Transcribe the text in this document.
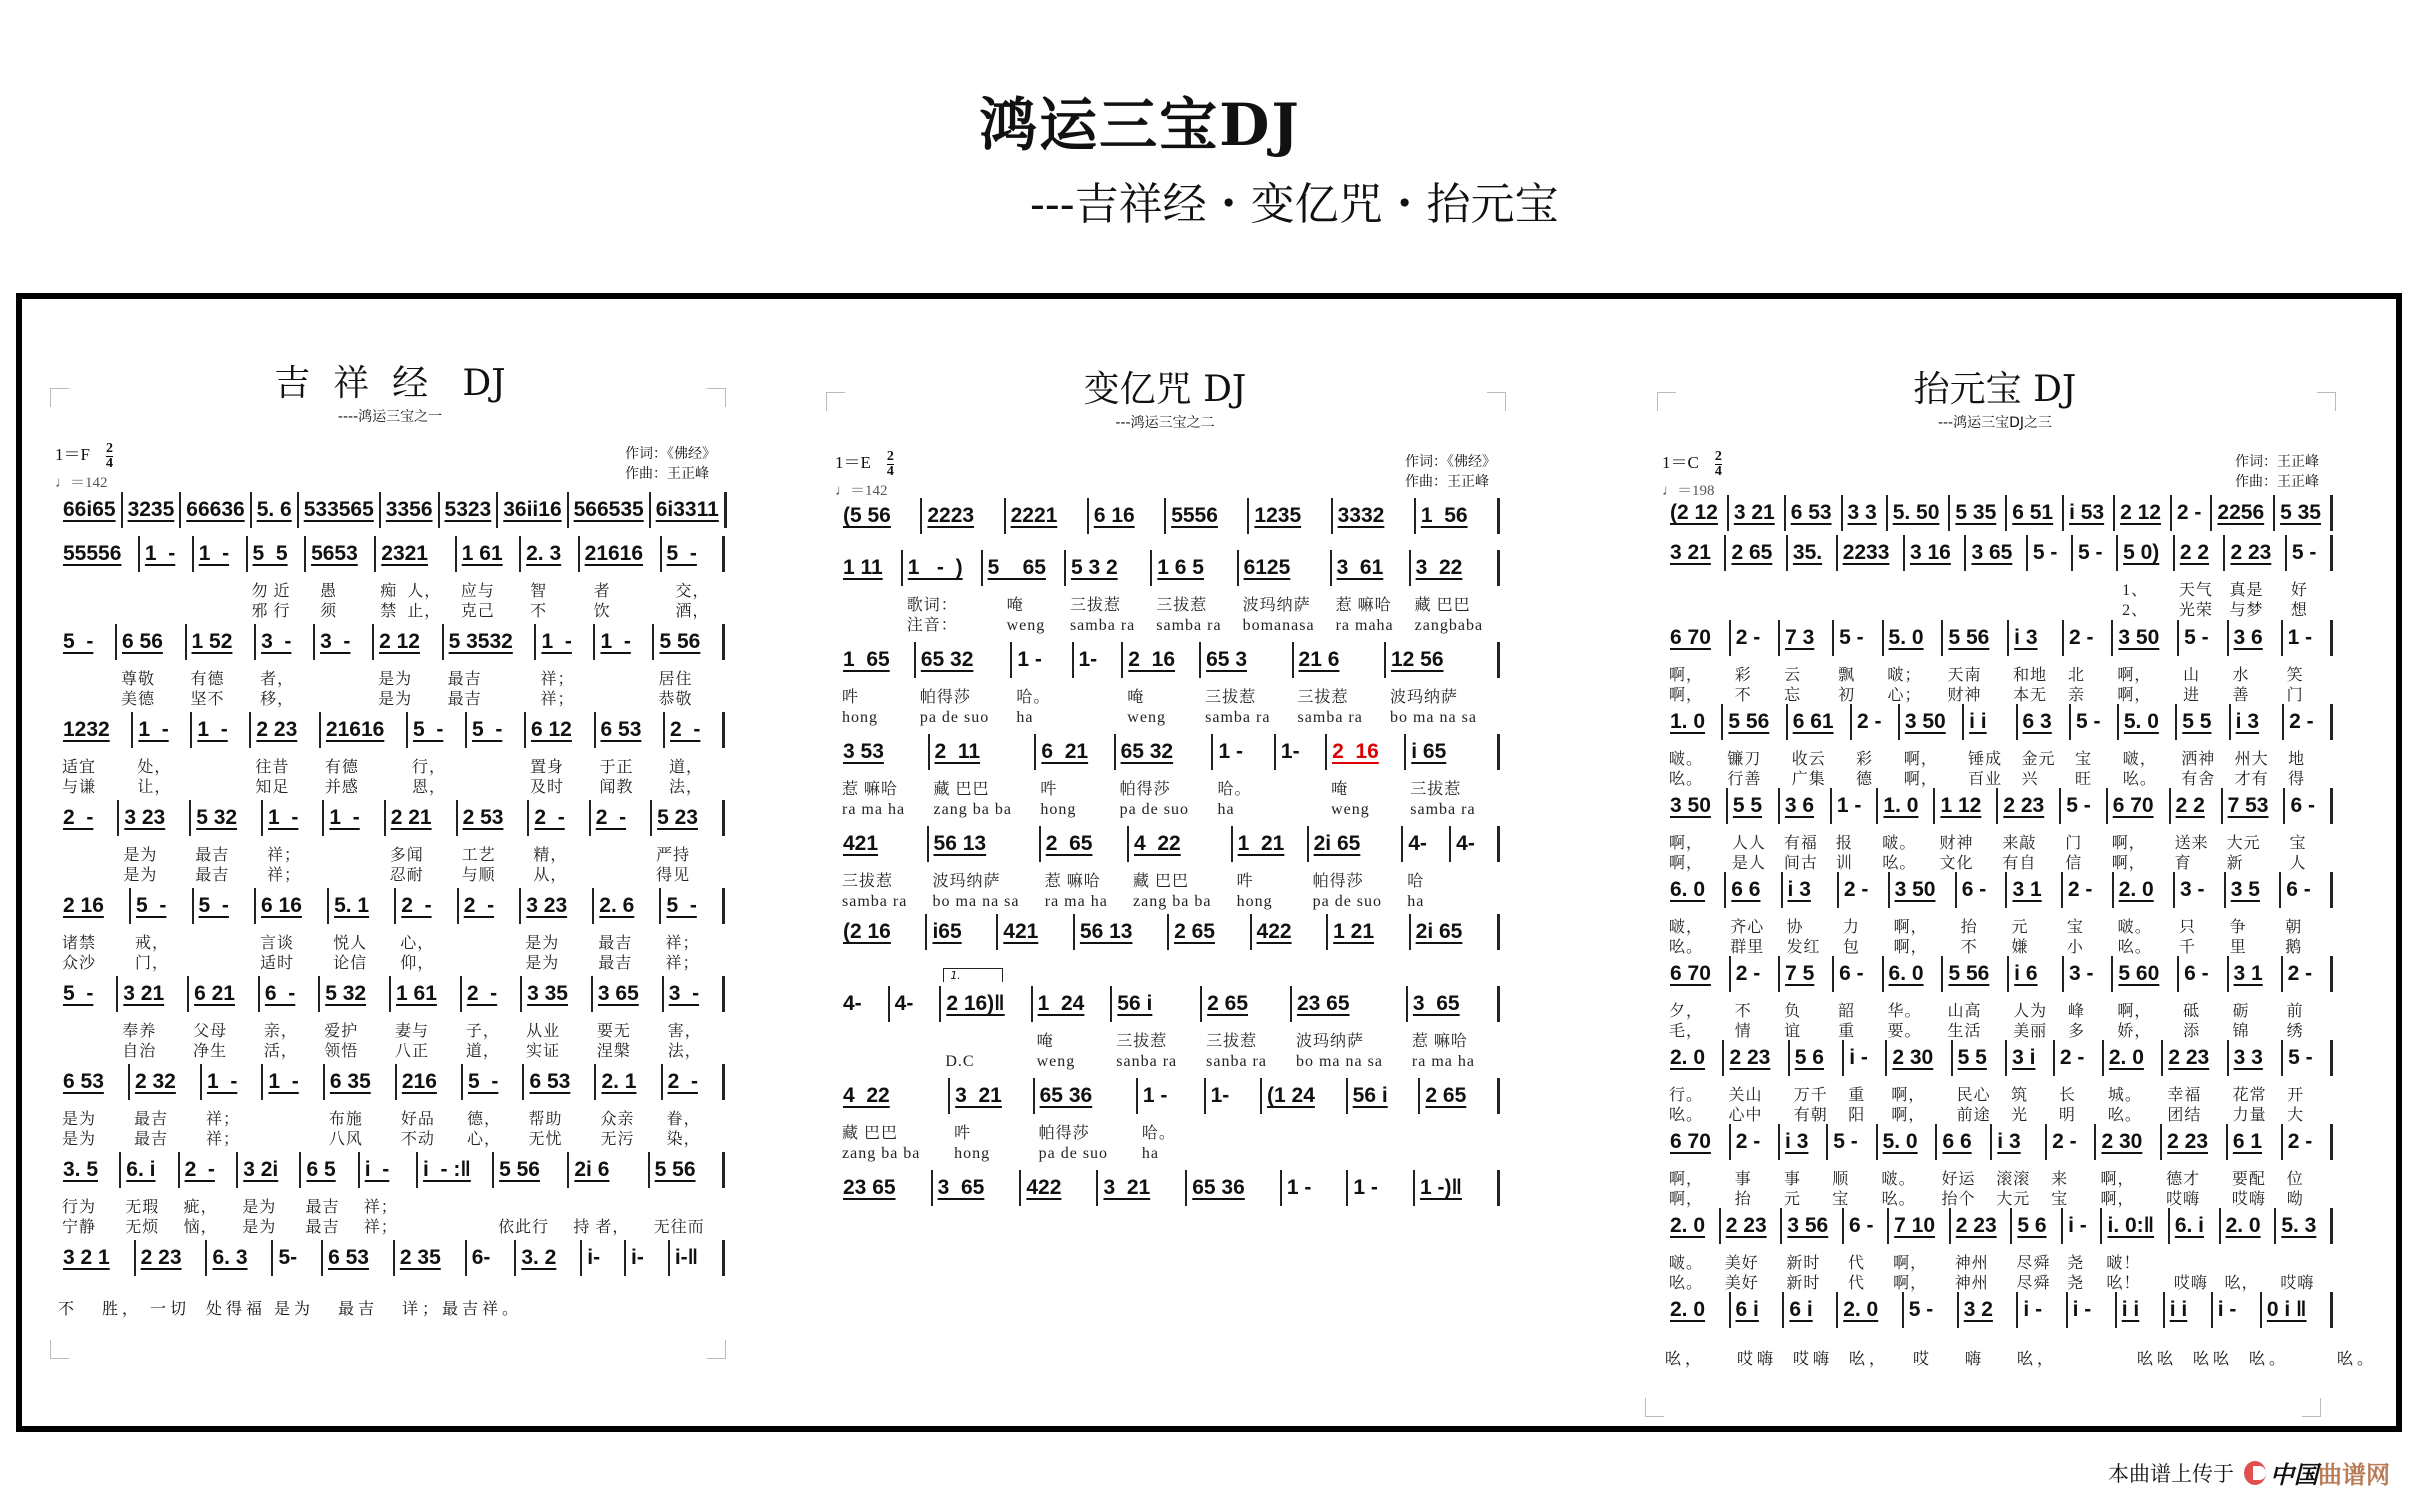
鸿运三宝DJ
---吉祥经・变亿咒・抬元宝
吉  祥  经   DJ
----鸿运三宝之一
$1=F \frac{2}{4}$
♩＝142
作词：《佛经》
作曲：王正峰
66i65 3235 66636 5. 6 533565 3356 5323 36ii16 566535 6i3311
55556 1  - 1  - 5  5
勿 近
邪 行
5653
愚
须
2321
痴  人，
禁  止，
1 61
应与
克己
2. 3
智
不
21616
者
饮
5  -
交，
酒，
5  - 6 56
尊敬
美德
1 52
有德
坚不
3  -
者，
移，
3  - 2 12
是为
是为
5 3532
最吉
最吉
1  -
祥；
祥；
1  - 5 56
居住
恭敬
1232
适宜
与谦
1  -
处，
让，
1  - 2 23
往昔
知足
21616
有德
并感
5  -
行，
恩，
5  - 6 12
置身
及时
6 53
于正
闻教
2  -
道，
法，
2  - 3 23
是为
是为
5 32
最吉
最吉
1  -
祥；
祥；
1  - 2 21
多闻
忍耐
2 53
工艺
与顺
2  -
精，
从，
2  - 5 23
严持
得见
2 16
诸禁
众沙
5  -
戒，
门，
5  - 6 16
言谈
适时
5. 1
悦人
论信
2  -
心，
仰，
2  - 3 23
是为
是为
2. 6
最吉
最吉
5  -
祥；
祥；
5  - 3 21
奉养
自治
6 21
父母
净生
6  -
亲，
活，
5 32
爱护
领悟
1 61
妻与
八正
2  -
子，
道，
3 35
从业
实证
3 65
要无
涅槃
3  -
害，
法，
6 53
是为
是为
2 32
最吉
最吉
1  -
祥；
祥；
1  - 6 35
布施
八风
216
好品
不动
5  -
德，
心，
6 53
帮助
无忧
2. 1
众亲
无污
2  -
眷，
染，
3. 5
行为
宁静
6. i
无瑕
无烦
2  -
疵，
恼，
3 2i
是为
是为
6 5
最吉
最吉
i  -
祥；
祥；
i  - :‖ 5 56
依此行
2i 6
持 者，
5 56
无往而
3 2 1 2 23 6. 3 5- 6 53 2 35 6- 3. 2 i- i- i-‖
不   胜， 一切  处得福 是为   最吉   详；最吉祥。
变亿咒 DJ
---鸿运三宝之二
$1=E \frac{2}{4}$
♩＝142
作词：《佛经》
作曲：王正峰
(5 56 2223 2221 6 16 5556 1235 3332 1  56
1 11 1   -  )
歌词：
注音：
5    65
唵
weng
5 3 2
三拔惹
samba ra
1 6 5
三拔惹
samba ra
6125
波玛纳萨
bomanasa
3  61
惹 嘛哈
ra maha
3  22
藏 巴巴
zangbaba
1  65
吽
hong
65 32
帕得莎
pa de suo
1 -
哈。
ha
1- 2  16
唵
weng
65 3
三拔惹
samba ra
21 6
三拔惹
samba ra
12 56
波玛纳萨
bo ma na sa
3 53
惹 嘛哈
ra ma ha
2  11
藏 巴巴
zang ba ba
6  21
吽
hong
65 32
帕得莎
pa de suo
1 -
哈。
ha
1- 2  16
唵
weng
i 65
三拔惹
samba ra
421
三拔惹
samba ra
56 13
波玛纳萨
bo ma na sa
2  65
惹 嘛哈
ra ma ha
4  22
藏 巴巴
zang ba ba
1  21
吽
hong
2i 65
帕得莎
pa de suo
4-
哈
ha
4-
(2 16 i65 421 56 13 2 65 422 1 21 2i 65
4- 4- 2 16)‖
D.C
1.
1  24
唵
weng
56 i
三拔惹
sanba ra
2 65
三拔惹
sanba ra
23 65
波玛纳萨
bo ma na sa
3  65
惹 嘛哈
ra ma ha
4  22
藏 巴巴
zang ba ba
3  21
吽
hong
65 36
帕得莎
pa de suo
1 -
哈。
ha
1- (1 24 56 i 2 65
23 65 3  65 422 3  21 65 36 1 - 1 - 1 -)‖
抬元宝 DJ
---鸿运三宝DJ之三
$1=C \frac{2}{4}$
♩＝198
作词：王正峰
作曲：王正峰
(2 12 3 21 6 53 3 3 5. 50 5 35 6 51 i 53 2 12 2 - 2256 5 35
3 21 2 65 35. 2233 3 16 3 65 5 - 5 - 5 0)
1、
2、
2 2
天气
光荣
2 23
真是
与梦
5 -
好
想
6 70
啊，
啊，
2 -
彩
不
7 3
云
忘
5 -
飘
初
5. 0
啵；
心；
5 56
天南
财神
i 3
和地
本无
2 -
北
亲
3 50
啊，
啊，
5 -
山
进
3 6
水
善
1 -
笑
门
1. 0
啵。
吆。
5 56
镰刀
行善
6 61
收云
广集
2 -
彩
德
3 50
啊，
啊，
i i
锤成
百业
6 3
金元
兴
5 -
宝
旺
5. 0
啵，
吆。
5 5
洒神
有舍
i 3
州大
才有
2 -
地
得
3 50
啊，
啊，
5 5
人人
是人
3 6
有福
间古
1 -
报
训
1. 0
啵。
吆。
1 12
财神
文化
2 23
来敲
有自
5 -
门
信
6 70
啊，
啊，
2 2
送来
育
7 53
大元
新
6 -
宝
人
6. 0
啵，
吆。
6 6
齐心
群里
i 3
协
发红
2 -
力
包
3 50
啊，
啊，
6 -
抬
不
3 1
元
嫌
2 -
宝
小
2. 0
啵。
吆。
3 -
只
千
3 5
争
里
6 -
朝
鹅
6 70
夕，
毛，
2 -
不
情
7 5
负
谊
6 -
韶
重
6. 0
华。
要。
5 56
山高
生活
i 6
人为
美丽
3 -
峰
多
5 60
啊，
娇，
6 -
砥
添
3 1
砺
锦
2 -
前
绣
2. 0
行。
吆。
2 23
关山
心中
5 6
万千
有朝
i -
重
阳
2 30
啊，
啊，
5 5
民心
前途
3 i
筑
光
2 -
长
明
2. 0
城。
吆。
2 23
幸福
团结
3 3
花常
力量
5 -
开
大
6 70
啊，
啊，
2 -
事
抬
i 3
事
元
5 -
顺
宝
5. 0
啵。
吆。
6 6
好运
抬个
i 3
滚滚
大元
2 -
来
宝
2 30
啊，
啊，
2 23
德才
哎嗨
6 1
要配
哎嗨
2 -
位
呦
2. 0
啵。
吆。
2 23
美好
美好
3 56
新时
新时
6 -
代
代
7 10
啊，
啊，
2 23
神州
神州
5 6
尽舜
尽舜
i -
尧
尧
i. 0:‖
啵！
吆！
6. i
哎嗨
2. 0
吆，
5. 3
哎嗨
2. 0 6 i 6 i 2. 0 5 - 3 2 i - i - i i i i i - 0 i ‖
吆，    哎嗨  哎嗨  吆，   哎    嗨    吆，          吆吆  吆吆  吆。      吆。
本曲谱上传于 中国 曲谱网
